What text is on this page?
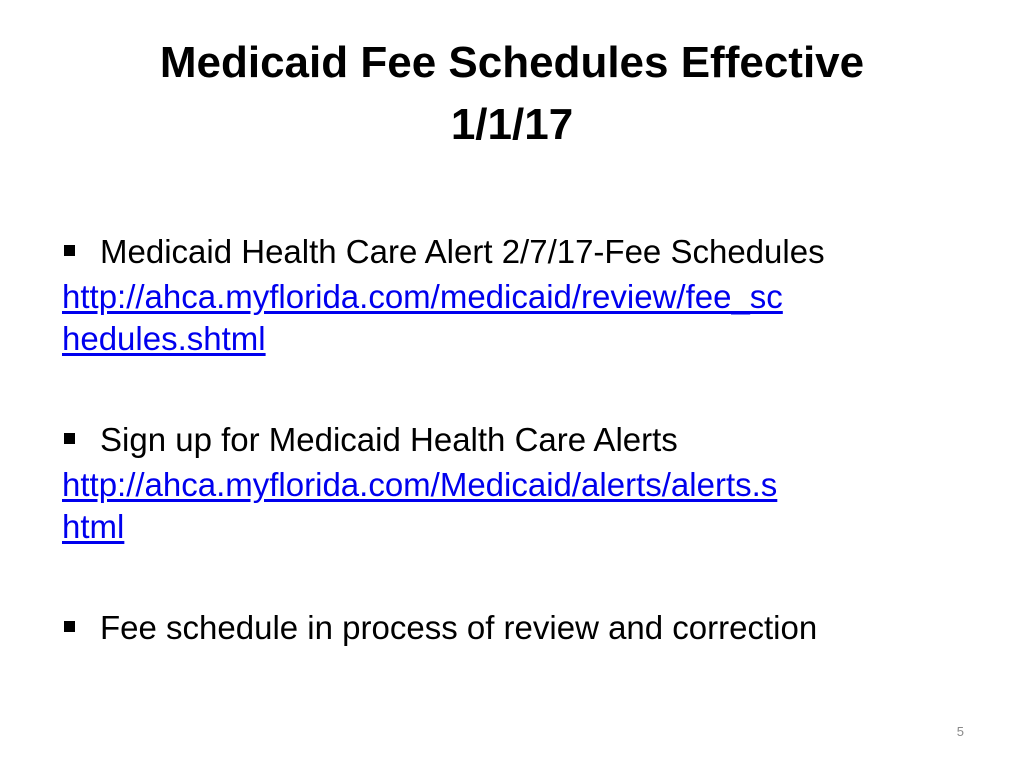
Medicaid Fee Schedules Effective
1/1/17
Medicaid Health Care Alert 2/7/17-Fee Schedules
http://ahca.myflorida.com/medicaid/review/fee_sc
hedules.shtml
Sign up for Medicaid Health Care Alerts
http://ahca.myflorida.com/Medicaid/alerts/alerts.s
html
Fee schedule in process of review and correction
5
